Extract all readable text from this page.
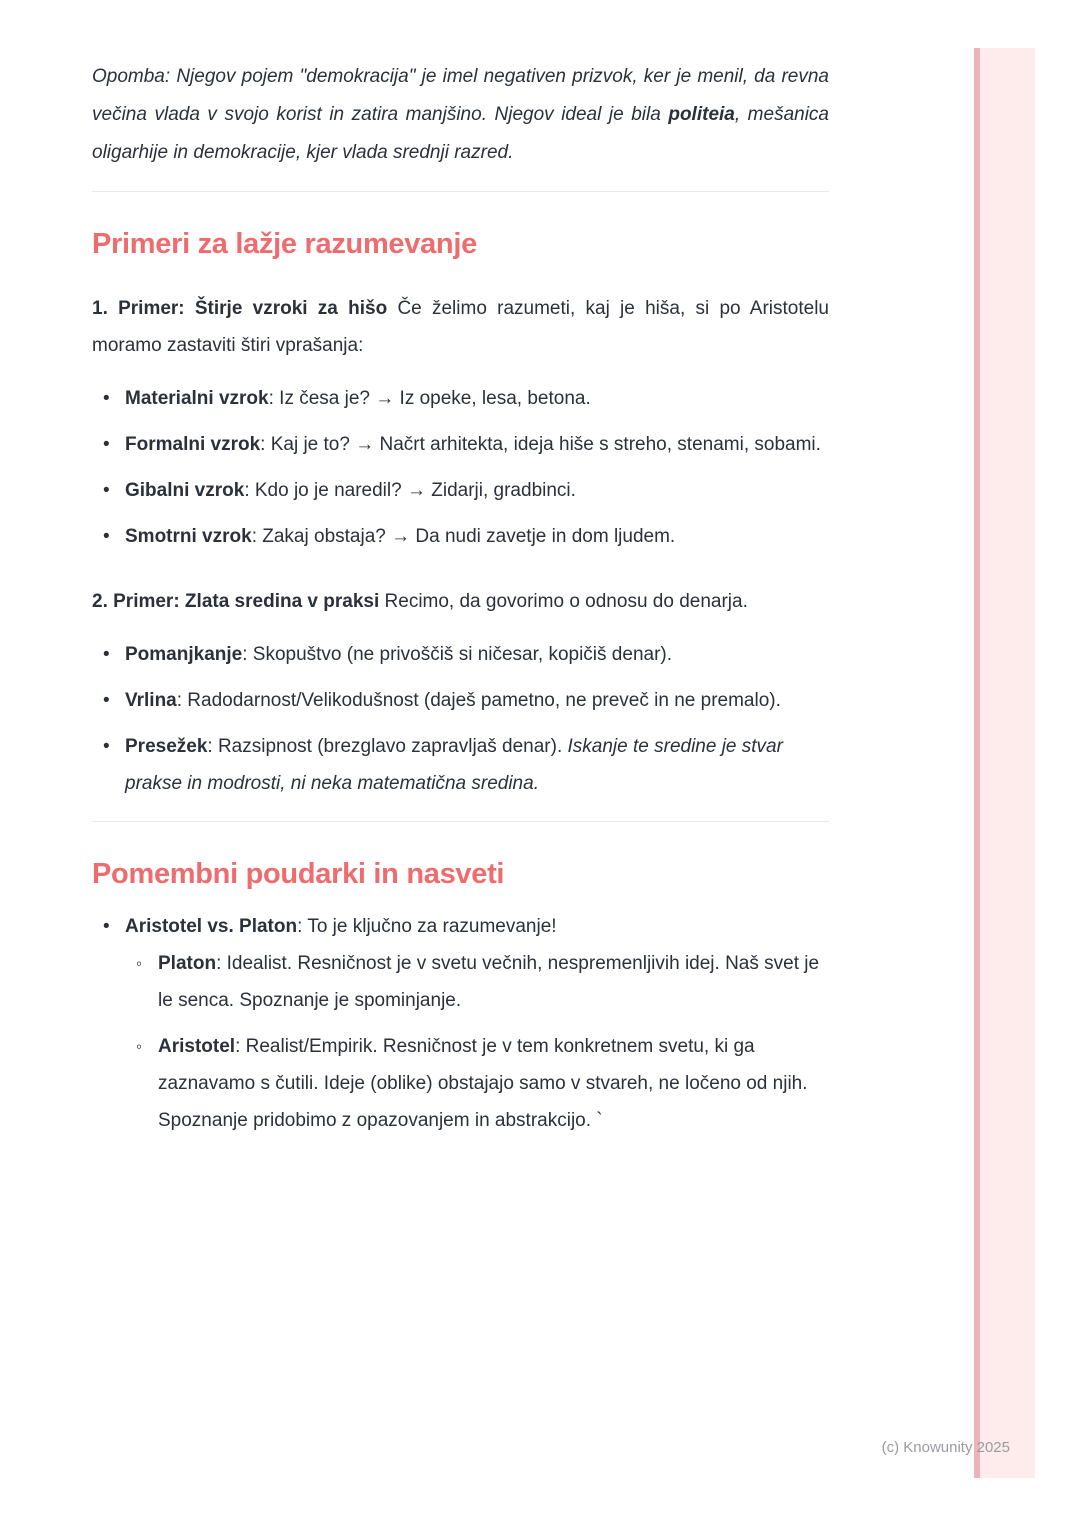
Opomba: Njegov pojem "demokracija" je imel negativen prizvok, ker je menil, da revna večina vlada v svojo korist in zatira manjšino. Njegov ideal je bila politeia, mešanica oligarhije in demokracije, kjer vlada srednji razred.

Primeri za lažje razumevanje

1. Primer: Štirje vzroki za hišo Če želimo razumeti, kaj je hiša, si po Aristotelu moramo zastaviti štiri vprašanja:

• Materialni vzrok: Iz česa je? → Iz opeke, lesa, betona.
• Formalni vzrok: Kaj je to? → Načrt arhitekta, ideja hiše s streho, stenami, sobami.
• Gibalni vzrok: Kdo jo je naredil? → Zidarji, gradbinci.
• Smotrni vzrok: Zakaj obstaja? → Da nudi zavetje in dom ljudem.

2. Primer: Zlata sredina v praksi Recimo, da govorimo o odnosu do denarja.

• Pomanjkanje: Skopuštvo (ne privoščiš si ničesar, kopičiš denar).
• Vrlina: Radodarnost/Velikodušnost (daješ pametno, ne preveč in ne premalo).
• Presežek: Razsipnost (brezglavo zapravljaš denar). Iskanje te sredine je stvar prakse in modrosti, ni neka matematična sredina.
Pomembni poudarki in nasveti
• Aristotel vs. Platon: To je ključno za razumevanje!
◦ Platon: Idealist. Resničnost je v svetu večnih, nespremenljivih idej. Naš svet je le senca. Spoznanje je spominjanje.
◦ Aristotel: Realist/Empirik. Resničnost je v tem konkretnem svetu, ki ga zaznavamo s čutili. Ideje (oblike) obstajajo samo v stvareh, ne ločeno od njih. Spoznanje pridobimo z opazovanjem in abstrakcijo. `
(c) Knowunity 2025
